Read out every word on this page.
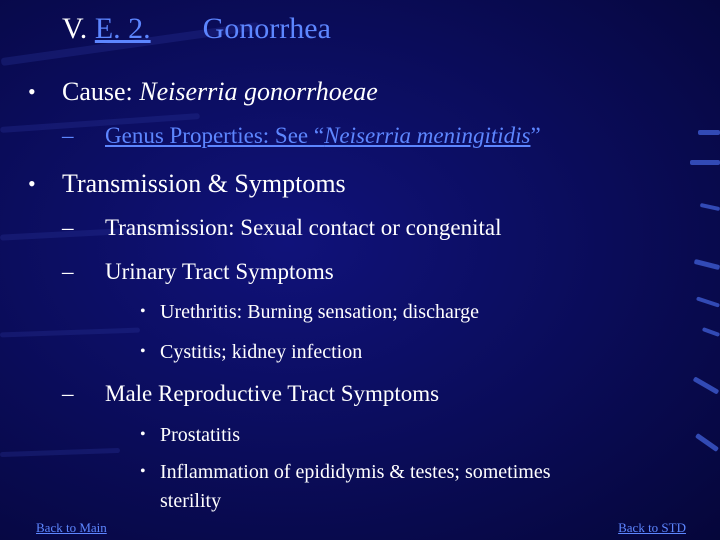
V. E. 2. Gonorrhea
• Cause: Neiserria gonorrhoeae
– Genus Properties: See “Neiserria meningitidis”
• Transmission & Symptoms
– Transmission: Sexual contact or congenital
– Urinary Tract Symptoms
• Urethritis: Burning sensation; discharge
• Cystitis; kidney infection
– Male Reproductive Tract Symptoms
• Prostatitis
• Inflammation of epididymis & testes; sometimes
sterility
Back to Main	Back to STD
